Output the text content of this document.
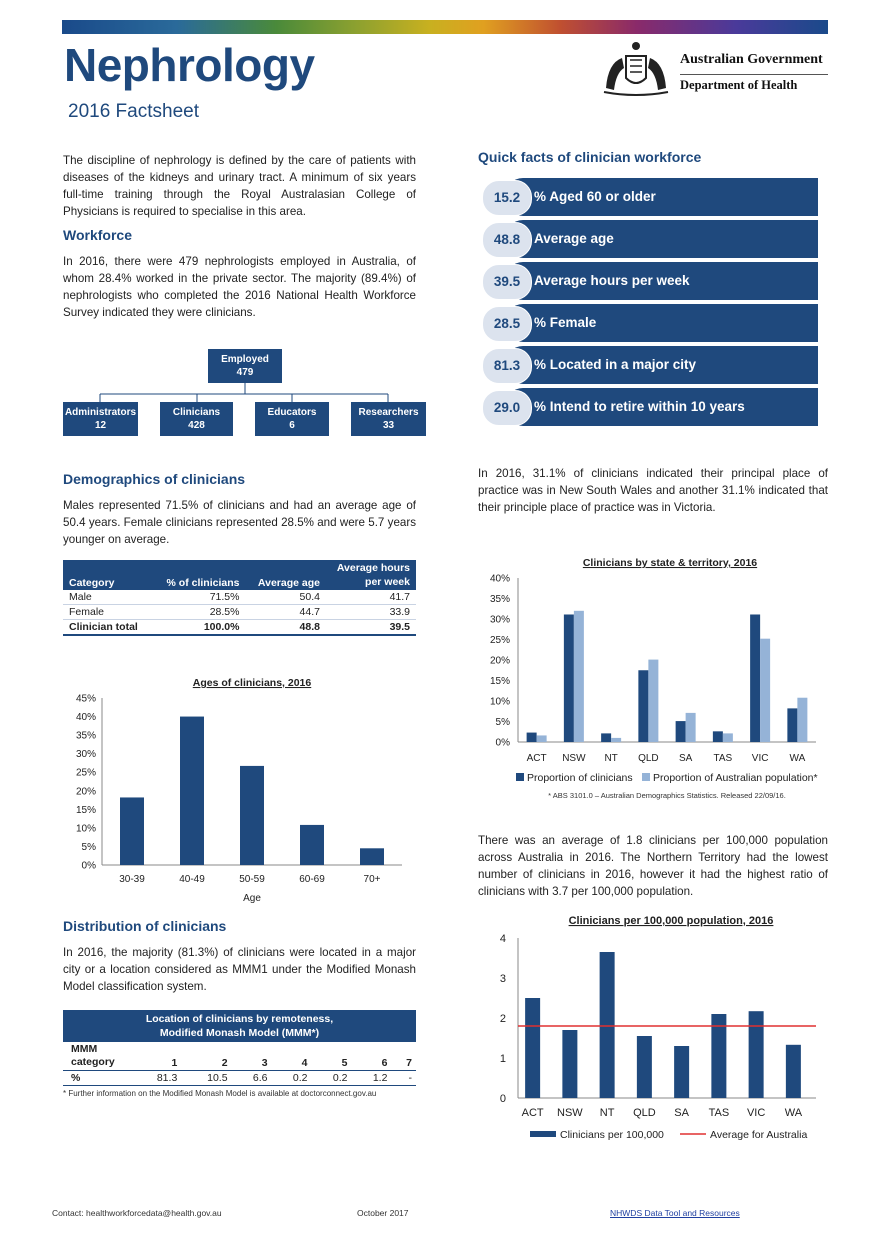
Nephrology
2016 Factsheet
Australian Government
Department of Health
The discipline of nephrology is defined by the care of patients with diseases of the kidneys and urinary tract. A minimum of six years full-time training through the Royal Australasian College of Physicians is required to specialise in this area.
Workforce
In 2016, there were 479 nephrologists employed in Australia, of whom 28.4% worked in the private sector. The majority (89.4%) of nephrologists who completed the 2016 National Health Workforce Survey indicated they were clinicians.
Employed
479
Administrators
12
Clinicians
428
Educators
6
Researchers
33
Quick facts of clinician workforce
15.2	% Aged 60 or older
48.8	Average age
39.5	Average hours per week
28.5	% Female
81.3	% Located in a major city
29.0	% Intend to retire within 10 years
Demographics of clinicians
Males represented 71.5% of clinicians and had an average age of 50.4 years. Female clinicians represented 28.5% and were 5.7 years younger on average.
Category	% of clinicians	Average age	Average hours per week
Male	71.5%	50.4	41.7
Female	28.5%	44.7	33.9
Clinician total	100.0%	48.8	39.5
Ages of clinicians, 2016
0%
5%
10%
15%
20%
25%
30%
35%
40%
45%
30-39	40-49	50-59	60-69	70+
Age
In 2016, 31.1% of clinicians indicated their principal place of practice was in New South Wales and another 31.1% indicated that their principle place of practice was in Victoria.
Clinicians by state & territory, 2016
0%
5%
10%
15%
20%
25%
30%
35%
40%
ACT NSW NT QLD SA TAS VIC WA
Proportion of clinicians Proportion of Australian population*
* ABS 3101.0 – Australian Demographics Statistics. Released 22/09/16.
There was an average of 1.8 clinicians per 100,000 population across Australia in 2016. The Northern Territory had the lowest number of clinicians in 2016, however it had the highest ratio of clinicians with 3.7 per 100,000 population.
Clinicians per 100,000 population, 2016
0
1
2
3
4
ACT NSW NT QLD SA TAS VIC WA
Clinicians per 100,000	Average for Australia
Distribution of clinicians
In 2016, the majority (81.3%) of clinicians were located in a major city or a location considered as MMM1 under the Modified Monash Model classification system.
Location of clinicians by remoteness,
Modified Monash Model (MMM*)							

MMM
category	1	2	3	4	5	6	7
%	81.3	10.5	6.6	0.2	0.2	1.2	-
* Further information on the Modified Monash Model is available at doctorconnect.gov.au
Contact: healthworkforcedata@health.gov.au	October 2017	NHWDS Data Tool and Resources
